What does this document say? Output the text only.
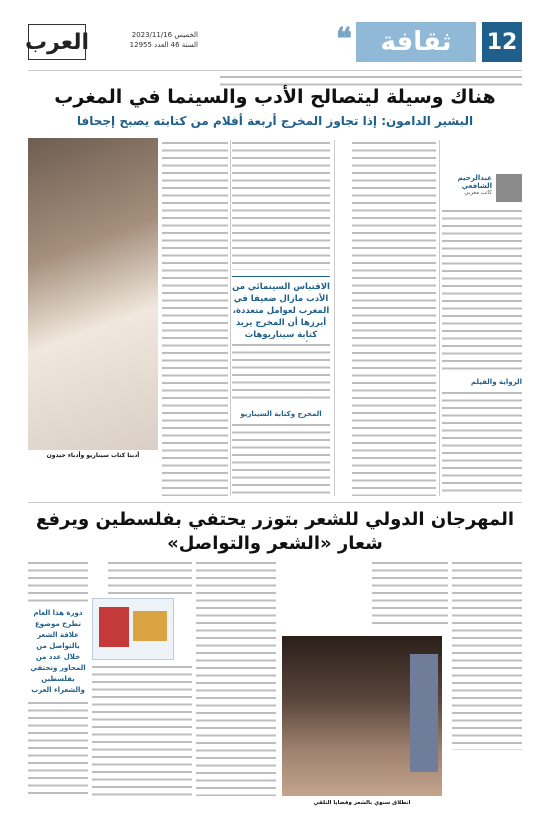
12
ثقافة
❝
الخميس 2023/11/16
السنة 46 العدد 12955
العرب
هناك وسيلة ليتصالح الأدب والسينما في المغرب
البشير الدامون: إذا تجاوز المخرج أربعة أفلام من كتابته يصبح إجحافا
أدبنا كتاب سيناريو وأدباء جيدون
عبدالرحيم الشافعي
كاتب مغربي
الرواية والفيلم
الاقتباس السينمائي من الأدب مازال ضعيفا في المغرب لعوامل متعددة، أبرزها أن المخرج يريد كتابة سيناريوهات
المخرج وكتابة السيناريو
المهرجان الدولي للشعر بتوزر يحتفي بفلسطين ويرفع شعار «الشعر والتواصل»
دورة هذا العام تطرح موضوع علاقة الشعر بالتواصل من خلال عدد من المحاور وتحتفي بفلسطين والشعراء العرب
انطلاق سنوي بالشعر وقضايا التلقي
